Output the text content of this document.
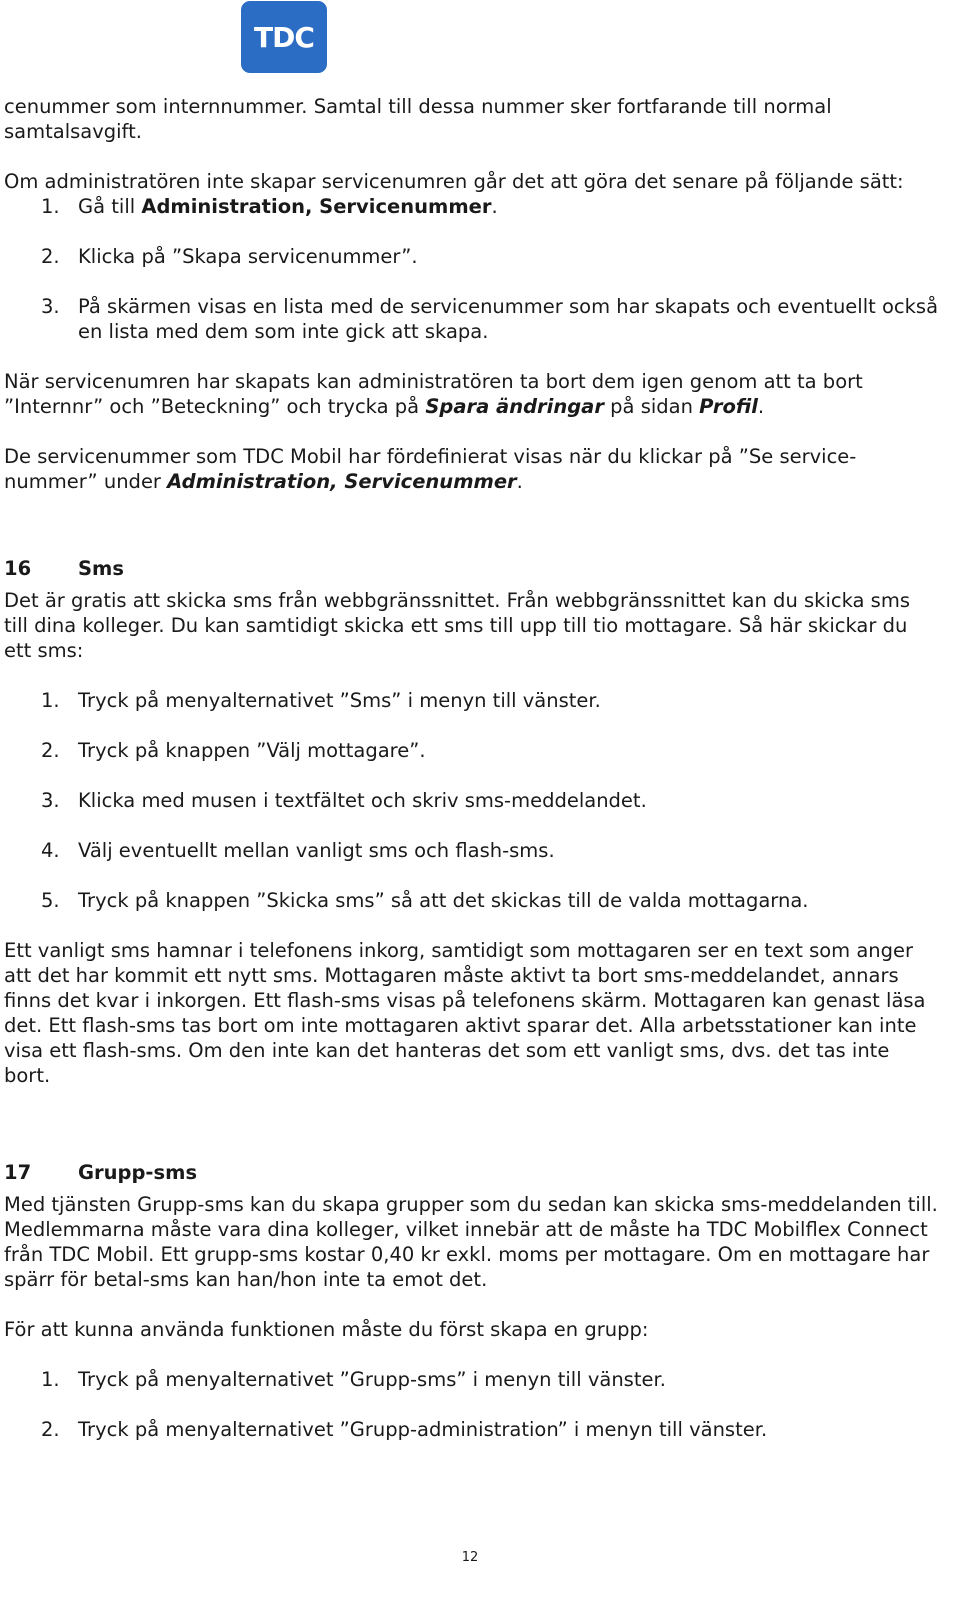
TDC

cenummer som internnummer. Samtal till dessa nummer sker fortfarande till normal samtalsavgift.

Om administratören inte skapar servicenumren går det att göra det senare på följande sätt:

1. Gå till Administration, Servicenummer.
2. Klicka på ”Skapa servicenummer”.
3. På skärmen visas en lista med de servicenummer som har skapats och eventuellt också en lista med dem som inte gick att skapa.

När servicenumren har skapats kan administratören ta bort dem igen genom att ta bort ”Internnr” och ”Beteckning” och trycka på Spara ändringar på sidan Profil.

De servicenummer som TDC Mobil har fördefinierat visas när du klickar på ”Se service-nummer” under Administration, Servicenummer.

16	Sms

Det är gratis att skicka sms från webbgränssnittet. Från webbgränssnittet kan du skicka sms till dina kolleger. Du kan samtidigt skicka ett sms till upp till tio mottagare. Så här skickar du ett sms:

1. Tryck på menyalternativet ”Sms” i menyn till vänster.
2. Tryck på knappen ”Välj mottagare”.
3. Klicka med musen i textfältet och skriv sms-meddelandet.
4. Välj eventuellt mellan vanligt sms och flash-sms.
5. Tryck på knappen ”Skicka sms” så att det skickas till de valda mottagarna.

Ett vanligt sms hamnar i telefonens inkorg, samtidigt som mottagaren ser en text som anger att det har kommit ett nytt sms. Mottagaren måste aktivt ta bort sms-meddelandet, annars finns det kvar i inkorgen. Ett flash-sms visas på telefonens skärm. Mottagaren kan genast läsa det. Ett flash-sms tas bort om inte mottagaren aktivt sparar det. Alla arbetsstationer kan inte visa ett flash-sms. Om den inte kan det hanteras det som ett vanligt sms, dvs. det tas inte bort.

17	Grupp-sms

Med tjänsten Grupp-sms kan du skapa grupper som du sedan kan skicka sms-meddelanden till. Medlemmarna måste vara dina kolleger, vilket innebär att de måste ha TDC Mobilflex Connect från TDC Mobil. Ett grupp-sms kostar 0,40 kr exkl. moms per mottagare. Om en mottagare har spärr för betal-sms kan han/hon inte ta emot det.

För att kunna använda funktionen måste du först skapa en grupp:

1. Tryck på menyalternativet ”Grupp-sms” i menyn till vänster.
2. Tryck på menyalternativet ”Grupp-administration” i menyn till vänster.
12
